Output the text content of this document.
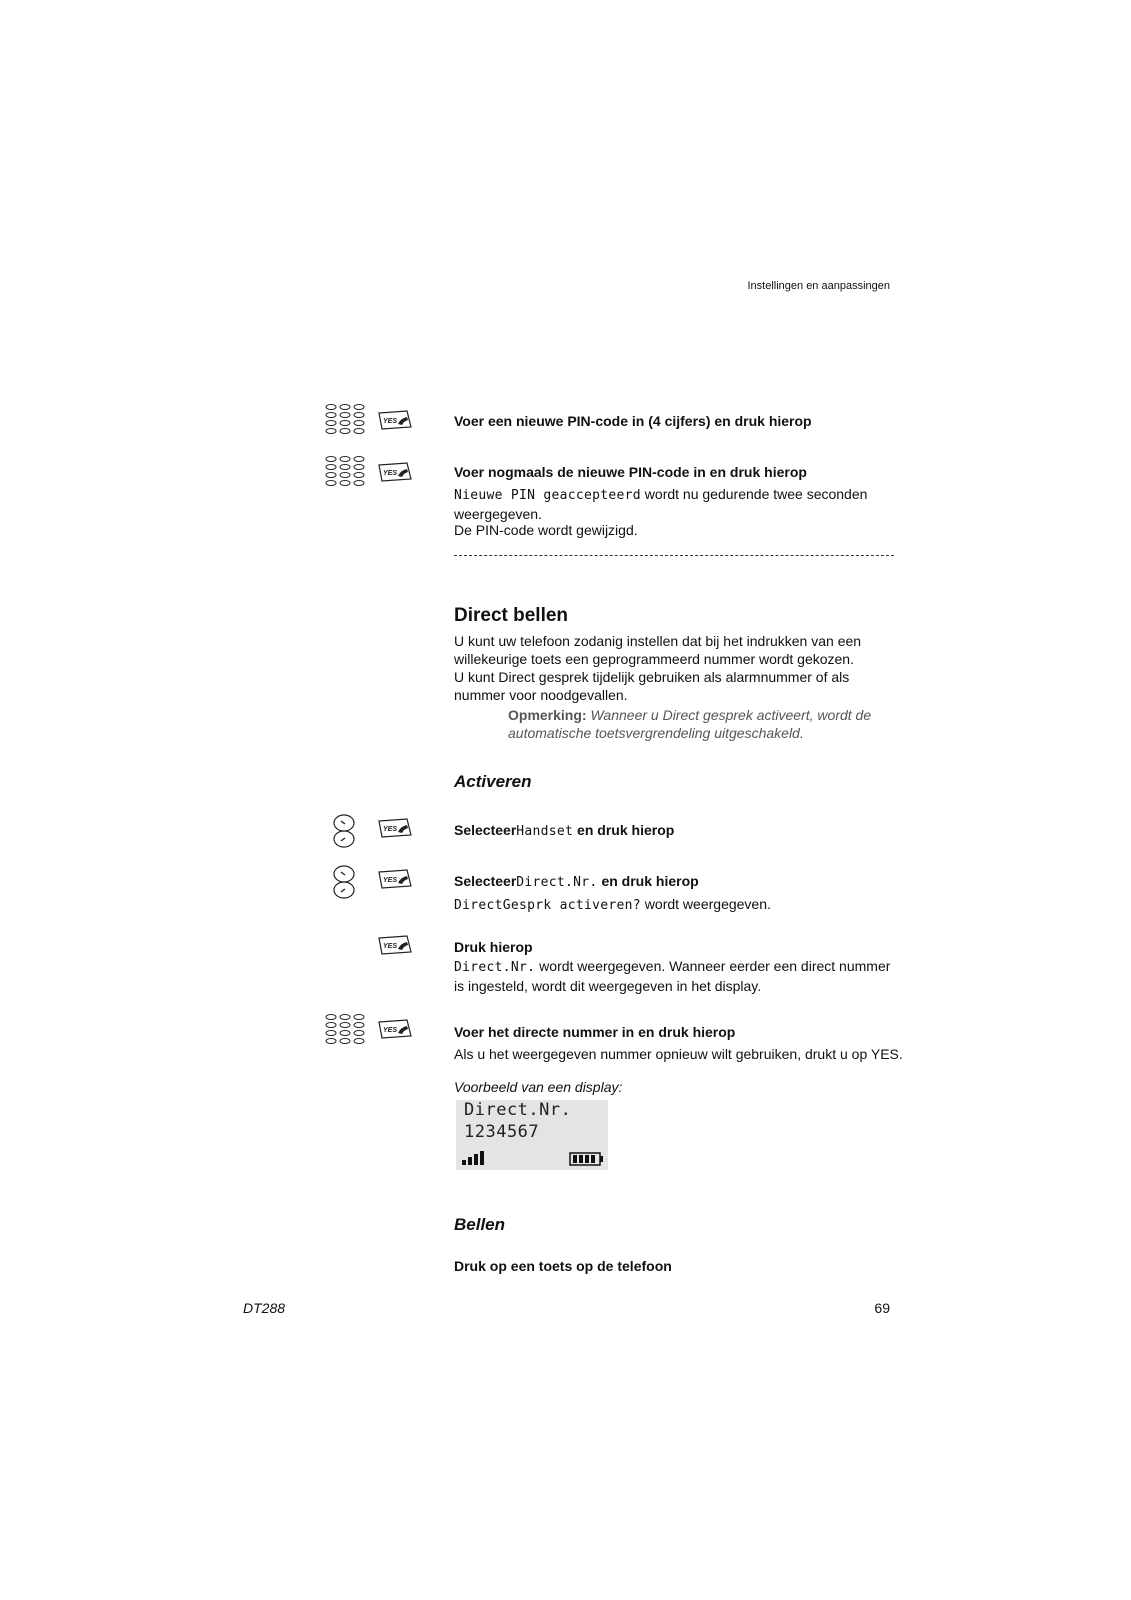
Instellingen en aanpassingen
YES	Voer een nieuwe PIN-code in (4 cijfers) en druk hierop
YES	Voer nogmaals de nieuwe PIN-code in en druk hierop
Nieuwe PIN geaccepteerd wordt nu gedurende twee seconden weergegeven.
De PIN-code wordt gewijzigd.
Direct bellen
U kunt uw telefoon zodanig instellen dat bij het indrukken van een willekeurige toets een geprogrammeerd nummer wordt gekozen.
U kunt Direct gesprek tijdelijk gebruiken als alarmnummer of als nummer voor noodgevallen.
Opmerking: Wanneer u Direct gesprek activeert, wordt de automatische toetsvergrendeling uitgeschakeld.
Activeren
YES	SelecteerHandset en druk hierop
YES	SelecteerDirect.Nr. en druk hierop
DirectGesprk activeren? wordt weergegeven.
YES	Druk hierop
Direct.Nr. wordt weergegeven. Wanneer eerder een direct nummer is ingesteld, wordt dit weergegeven in het display.
YES	Voer het directe nummer in en druk hierop
Als u het weergegeven nummer opnieuw wilt gebruiken, drukt u op YES.
Voorbeeld van een display:
Direct.Nr.
1234567
Bellen
Druk op een toets op de telefoon
DT288	69
